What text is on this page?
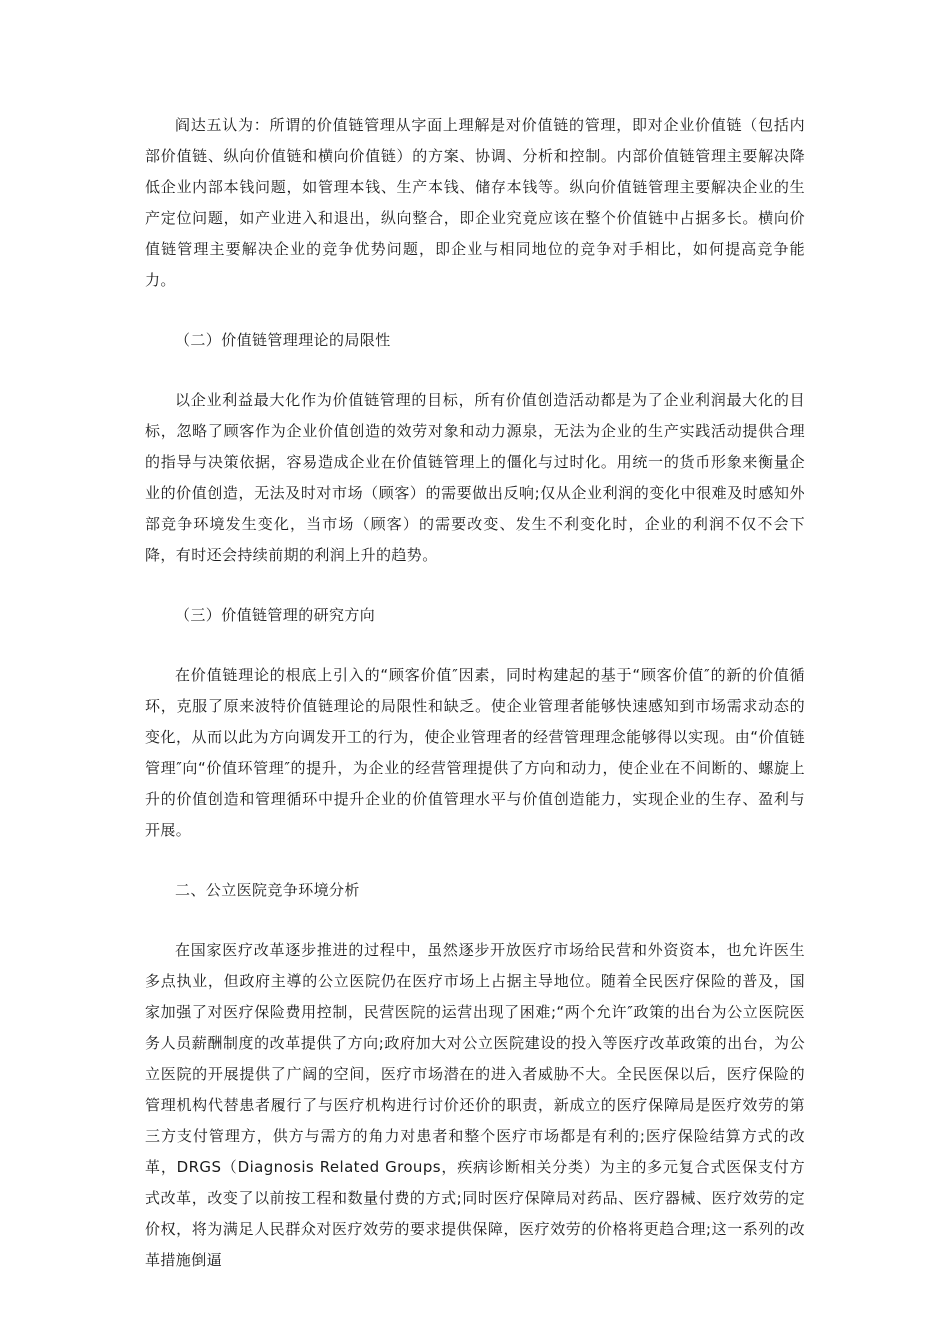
阎达五认为：所谓的价值链管理从字面上理解是对价值链的管理，即对企业价值链（包括内部价值链、纵向价值链和横向价值链）的方案、协调、分析和控制。内部价值链管理主要解决降低企业内部本钱问题，如管理本钱、生产本钱、储存本钱等。纵向价值链管理主要解决企业的生产定位问题，如产业进入和退出，纵向整合，即企业究竟应该在整个价值链中占据多长。横向价值链管理主要解决企业的竞争优势问题，即企业与相同地位的竞争对手相比，如何提高竞争能力。

（二）价值链管理理论的局限性

以企业利益最大化作为价值链管理的目标，所有价值创造活动都是为了企业利润最大化的目标，忽略了顾客作为企业价值创造的效劳对象和动力源泉，无法为企业的生产实践活动提供合理的指导与决策依据，容易造成企业在价值链管理上的僵化与过时化。用统一的货币形象来衡量企业的价值创造，无法及时对市场（顾客）的需要做出反响;仅从企业利润的变化中很难及时感知外部竞争环境发生变化，当市场（顾客）的需要改变、发生不利变化时，企业的利润不仅不会下降，有时还会持续前期的利润上升的趋势。

（三）价值链管理的研究方向

在价值链理论的根底上引入的“顾客价值″因素，同时构建起的基于“顾客价值″的新的价值循环，克服了原来波特价值链理论的局限性和缺乏。使企业管理者能够快速感知到市场需求动态的变化，从而以此为方向调发开工的行为，使企业管理者的经营管理理念能够得以实现。由“价值链管理″向“价值环管理″的提升，为企业的经营管理提供了方向和动力，使企业在不间断的、螺旋上升的价值创造和管理循环中提升企业的价值管理水平与价值创造能力，实现企业的生存、盈利与开展。

二、公立医院竞争环境分析

在国家医疗改革逐步推进的过程中，虽然逐步开放医疗市场给民营和外资资本，也允许医生多点执业，但政府主導的公立医院仍在医疗市场上占据主导地位。随着全民医疗保险的普及，国家加强了对医疗保险费用控制，民营医院的运营出现了困难;“两个允许″政策的出台为公立医院医务人员薪酬制度的改革提供了方向;政府加大对公立医院建设的投入等医疗改革政策的出台，为公立医院的开展提供了广阔的空间，医疗市场潜在的进入者威胁不大。全民医保以后，医疗保险的管理机构代替患者履行了与医疗机构进行讨价还价的职责，新成立的医疗保障局是医疗效劳的第三方支付管理方，供方与需方的角力对患者和整个医疗市场都是有利的;医疗保险结算方式的改革，DRGS（Diagnosis Related Groups，疾病诊断相关分类）为主的多元复合式医保支付方式改革，改变了以前按工程和数量付费的方式;同时医疗保障局对药品、医疗器械、医疗效劳的定价权，将为满足人民群众对医疗效劳的要求提供保障，医疗效劳的价格将更趋合理;这一系列的改革措施倒逼
